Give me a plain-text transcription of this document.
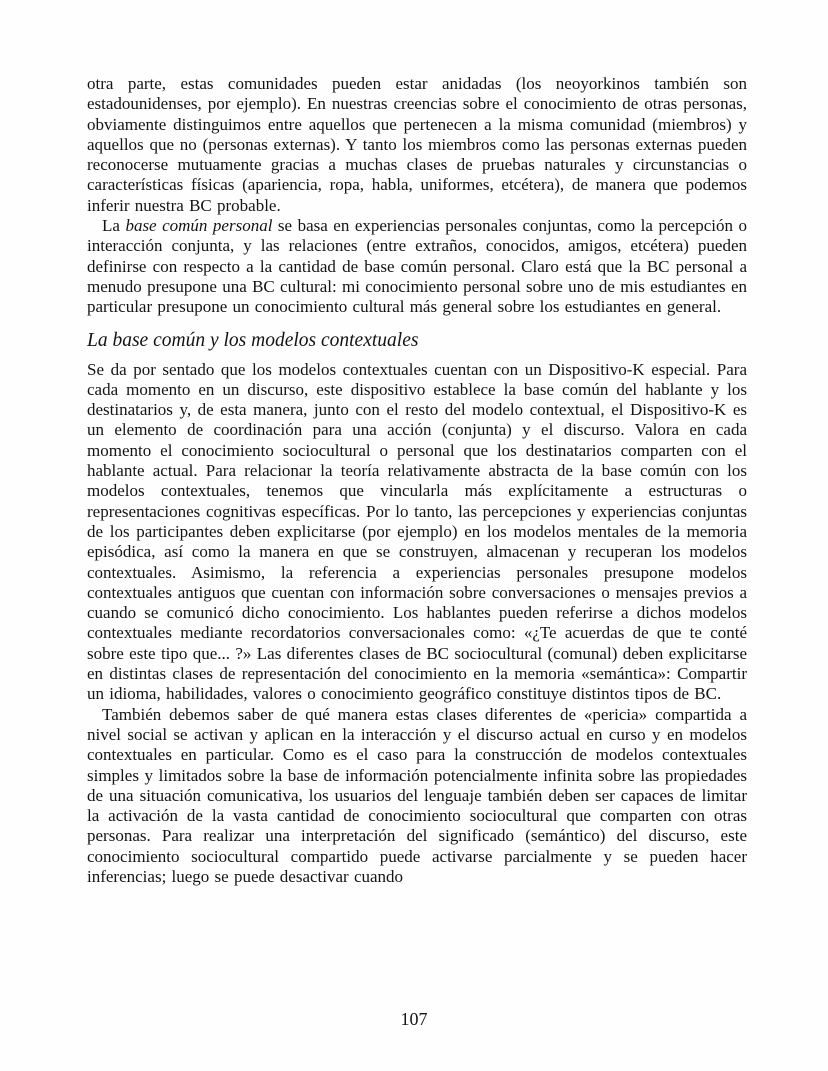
otra parte, estas comunidades pueden estar anidadas (los neoyorkinos también son estadounidenses, por ejemplo). En nuestras creencias sobre el conocimiento de otras personas, obviamente distinguimos entre aquellos que pertenecen a la misma comunidad (miembros) y aquellos que no (personas externas). Y tanto los miembros como las personas externas pueden reconocerse mutuamente gracias a muchas clases de pruebas naturales y circunstancias o características físicas (apariencia, ropa, habla, uniformes, etcétera), de manera que podemos inferir nuestra BC probable.

La base común personal se basa en experiencias personales conjuntas, como la percepción o interacción conjunta, y las relaciones (entre extraños, conocidos, amigos, etcétera) pueden definirse con respecto a la cantidad de base común personal. Claro está que la BC personal a menudo presupone una BC cultural: mi conocimiento personal sobre uno de mis estudiantes en particular presupone un conocimiento cultural más general sobre los estudiantes en general.

La base común y los modelos contextuales

Se da por sentado que los modelos contextuales cuentan con un Dispositivo-K especial. Para cada momento en un discurso, este dispositivo establece la base común del hablante y los destinatarios y, de esta manera, junto con el resto del modelo contextual, el Dispositivo-K es un elemento de coordinación para una acción (conjunta) y el discurso. Valora en cada momento el conocimiento sociocultural o personal que los destinatarios comparten con el hablante actual. Para relacionar la teoría relativamente abstracta de la base común con los modelos contextuales, tenemos que vincularla más explícitamente a estructuras o representaciones cognitivas específicas. Por lo tanto, las percepciones y experiencias conjuntas de los participantes deben explicitarse (por ejemplo) en los modelos mentales de la memoria episódica, así como la manera en que se construyen, almacenan y recuperan los modelos contextuales. Asimismo, la referencia a experiencias personales presupone modelos contextuales antiguos que cuentan con información sobre conversaciones o mensajes previos a cuando se comunicó dicho conocimiento. Los hablantes pueden referirse a dichos modelos contextuales mediante recordatorios conversacionales como: «¿Te acuerdas de que te conté sobre este tipo que... ?» Las diferentes clases de BC sociocultural (comunal) deben explicitarse en distintas clases de representación del conocimiento en la memoria «semántica»: Compartir un idioma, habilidades, valores o conocimiento geográfico constituye distintos tipos de BC.

También debemos saber de qué manera estas clases diferentes de «pericia» compartida a nivel social se activan y aplican en la interacción y el discurso actual en curso y en modelos contextuales en particular. Como es el caso para la construcción de modelos contextuales simples y limitados sobre la base de información potencialmente infinita sobre las propiedades de una situación comunicativa, los usuarios del lenguaje también deben ser capaces de limitar la activación de la vasta cantidad de conocimiento sociocultural que comparten con otras personas. Para realizar una interpretación del significado (semántico) del discurso, este conocimiento sociocultural compartido puede activarse parcialmente y se pueden hacer inferencias; luego se puede desactivar cuando

107
